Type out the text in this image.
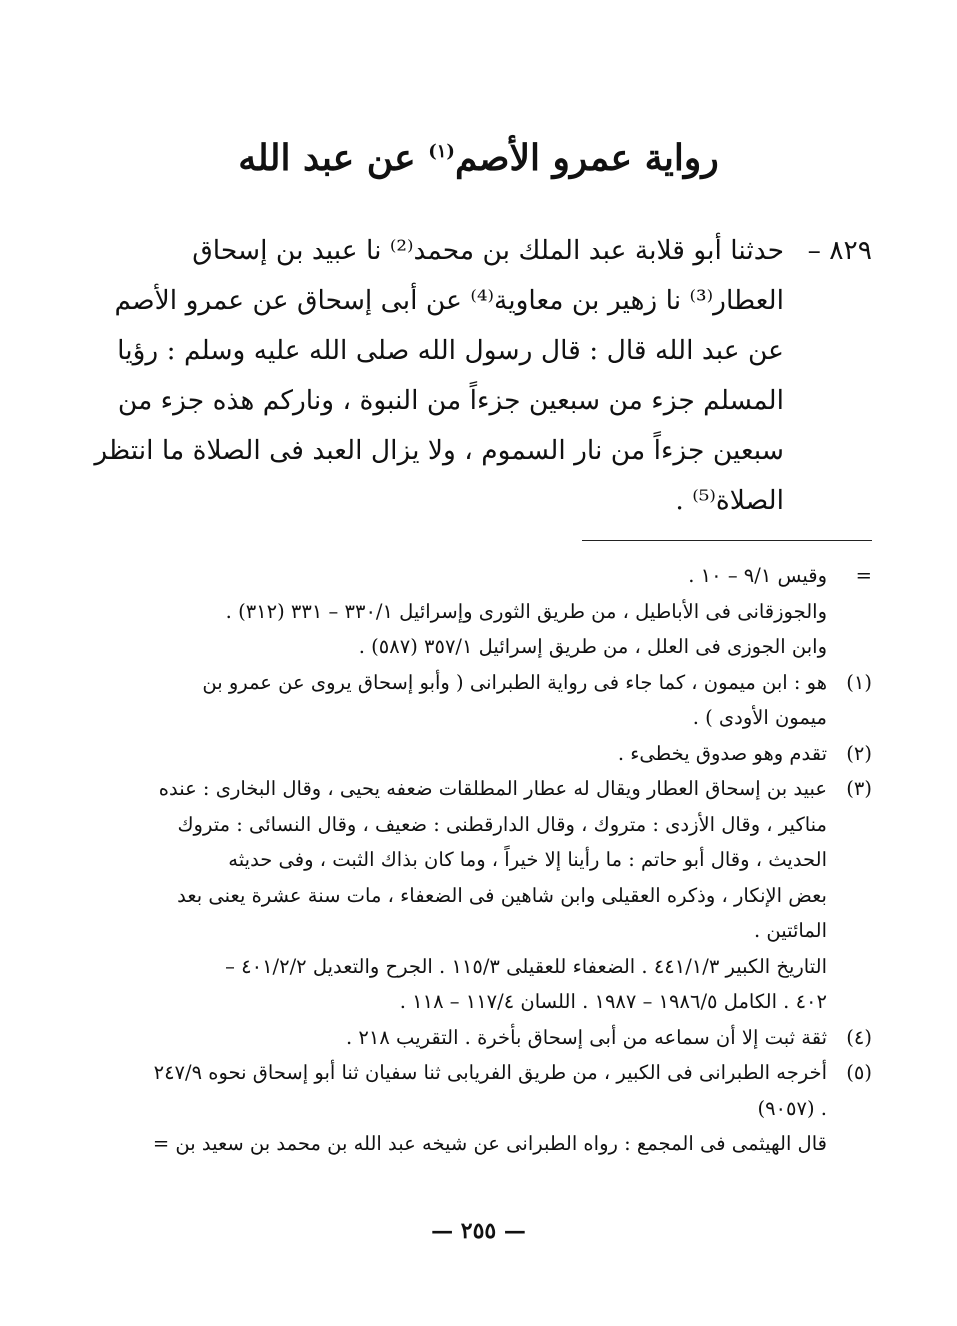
رواية عمرو الأصم$^{(١)}$ عن عبد الله
٨٢٩ –
حدثنا أبو قلابة عبد الملك بن محمد⁽²⁾ نا عبيد بن إسحاق
العطار⁽³⁾ نا زهير بن معاوية⁽⁴⁾ عن أبى إسحاق عن عمرو الأصم
عن عبد الله قال : قال رسول الله صلى الله عليه وسلم : رؤيا
المسلم جزء من سبعين جزءاً من النبوة ، ونارکم هذه جزء من
سبعين جزءاً من نار السموم ، ولا يزال العبد فى الصلاة ما انتظر
الصلاة⁽⁵⁾ .
=
وقيس ٩/١ – ١٠ .
والجوزقانى فى الأباطيل ، من طريق الثورى وإسرائيل ٣٣٠/١ – ٣٣١ (٣١٢) .
وابن الجوزى فى العلل ، من طريق إسرائيل ٣٥٧/١ (٥٨٧) .
(١)
هو : ابن ميمون ، كما جاء فى رواية الطبرانى ( وأبو إسحاق يروى عن عمرو بن
ميمون الأودى ) .
(٢)
تقدم وهو صدوق يخطىء .
(٣)
عبيد بن إسحاق العطار ويقال له عطار المطلقات ضعفه يحيى ، وقال البخارى : عنده
مناكير ، وقال الأزدى : متروك ، وقال الدارقطنى : ضعيف ، وقال النسائى : متروك
الحديث ، وقال أبو حاتم : ما رأينا إلا خيراً ، وما كان بذاك الثبت ، وفى حديثه
بعض الإنكار ، وذكره العقيلى وابن شاهين فى الضعفاء ، مات سنة عشرة يعنى بعد
المائتين .
التاريخ الكبير ٤٤١/١/٣ . الضعفاء للعقيلى ١١٥/٣ . الجرح والتعديل ٤٠١/٢/٢ –
٤٠٢ . الكامل ١٩٨٦/٥ – ١٩٨٧ . اللسان ١١٧/٤ – ١١٨ .
(٤)
ثقة ثبت إلا أن سماعه من أبى إسحاق بأخرة . التقريب ٢١٨ .
(٥)
أخرجه الطبرانى فى الكبير ، من طريق الفريابى ثنا سفيان ثنا أبو إسحاق نحوه ٢٤٧/٩
. (٩٠٥٧)
قال الهيثمى فى المجمع : رواه الطبرانى عن شيخه عبد الله بن محمد بن سعيد بن =
— ٢٥٥ —
